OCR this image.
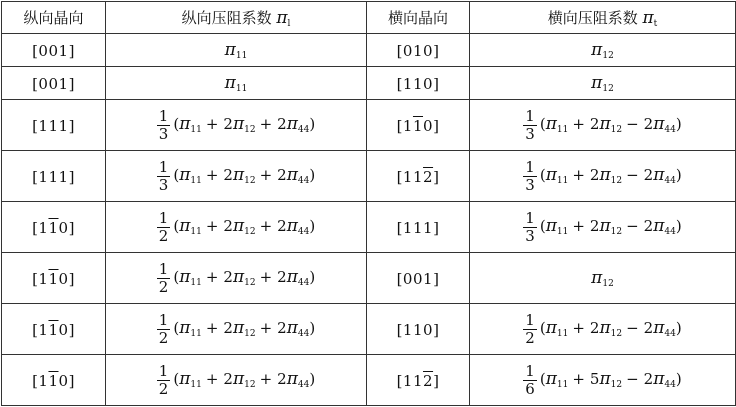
纵向晶向	纵向压阻系数 $\pi_l$	横向晶向	横向压阻系数 $\pi_t$
[001]	$\pi_{11}$	[010]	$\pi_{12}$
[001]	$\pi_{11}$	[110]	$\pi_{12}$
[111]	$\frac{1}{3} (\pi_{11} + 2\pi_{12} + 2\pi_{44})$	[110]	$\frac{1}{3} (\pi_{11} + 2\pi_{12} - 2\pi_{44})$
[111]	$\frac{1}{3} (\pi_{11} + 2\pi_{12} + 2\pi_{44})$	[112]	$\frac{1}{3} (\pi_{11} + 2\pi_{12} - 2\pi_{44})$
[110]	$\frac{1}{2} (\pi_{11} + 2\pi_{12} + 2\pi_{44})$	[111]	$\frac{1}{3} (\pi_{11} + 2\pi_{12} - 2\pi_{44})$
[110]	$\frac{1}{2} (\pi_{11} + 2\pi_{12} + 2\pi_{44})$	[001]	$\pi_{12}$
[110]	$\frac{1}{2} (\pi_{11} + 2\pi_{12} + 2\pi_{44})$	[110]	$\frac{1}{2} (\pi_{11} + 2\pi_{12} - 2\pi_{44})$
[110]	$\frac{1}{2} (\pi_{11} + 2\pi_{12} + 2\pi_{44})$	[112]	$\frac{1}{6} (\pi_{11} + 5\pi_{12} - 2\pi_{44})$
